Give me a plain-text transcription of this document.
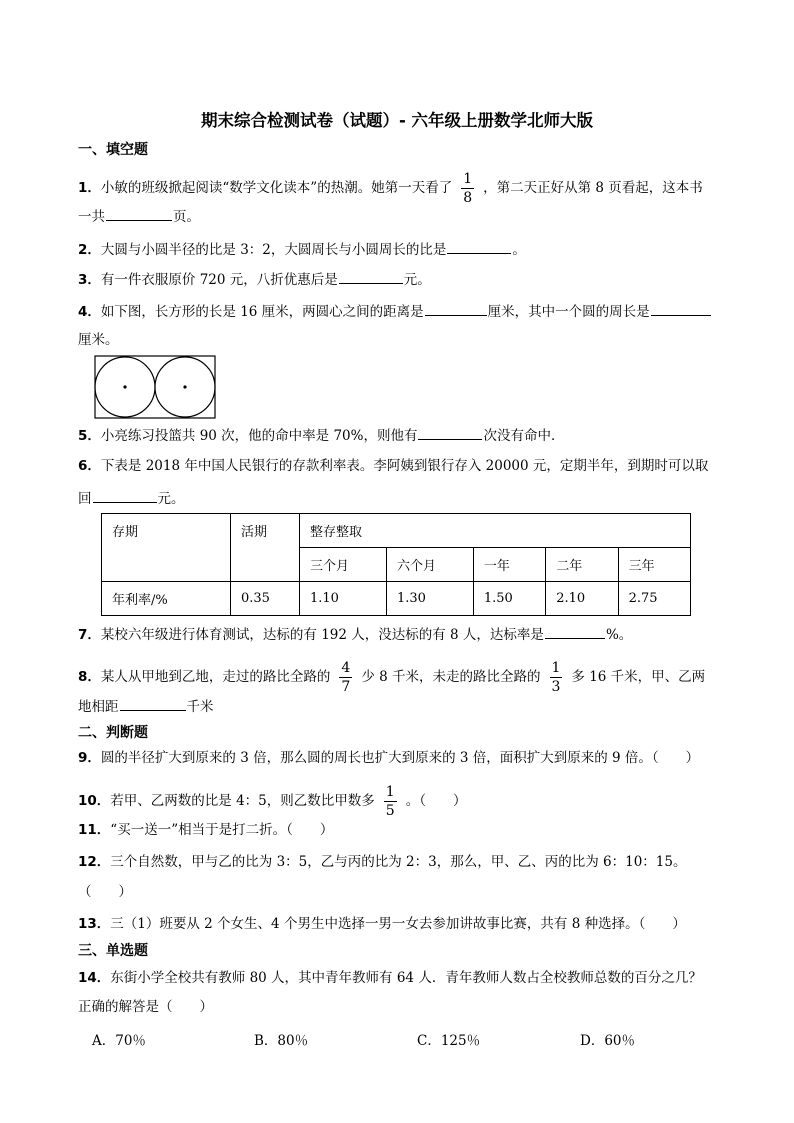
期末综合检测试卷（试题）- 六年级上册数学北师大版
一、填空题
1．小敏的班级掀起阅读“数学文化读本”的热潮。她第一天看了 $\frac{1}{8}$ ，第二天正好从第 8 页看起，这本书
一共	页。
2．大圆与小圆半径的比是 3：2，大圆周长与小圆周长的比是	。
3．有一件衣服原价 720 元，八折优惠后是	元。
4．如下图，长方形的长是 16 厘米，两圆心之间的距离是	厘米，其中一个圆的周长是
厘米。
5．小亮练习投篮共 90 次，他的命中率是 70%，则他有	次没有命中．
6．下表是 2018 年中国人民银行的存款利率表。李阿姨到银行存入 20000 元，定期半年，到期时可以取
回	元。
存期	活期	整存整取				
		三个月	六个月	一年	二年	三年
年利率/%	0.35	1.10	1.30	1.50	2.10	2.75
7．某校六年级进行体育测试，达标的有 192 人，没达标的有 8 人，达标率是	%。
8．某人从甲地到乙地，走过的路比全路的 $\frac{4}{7}$ 少 8 千米，未走的路比全路的 $\frac{1}{3}$ 多 16 千米，甲、乙两
地相距	千米
二、判断题
9．圆的半径扩大到原来的 3 倍，那么圆的周长也扩大到原来的 3 倍，面积扩大到原来的 9 倍。（　　）
10．若甲、乙两数的比是 4：5，则乙数比甲数多 $\frac{1}{5}$ 。（　　）
11．“买一送一”相当于是打二折。（　　）
12．三个自然数，甲与乙的比为 3：5，乙与丙的比为 2：3，那么，甲、乙、丙的比为 6：10：15。
（　　）
13．三（1）班要从 2 个女生、4 个男生中选择一男一女去参加讲故事比赛，共有 8 种选择。（　　）
三、单选题
14．东街小学全校共有教师 80 人，其中青年教师有 64 人．青年教师人数占全校教师总数的百分之几？
正确的解答是（　　）
A．70％	B．80％	C．125％	D．60％
